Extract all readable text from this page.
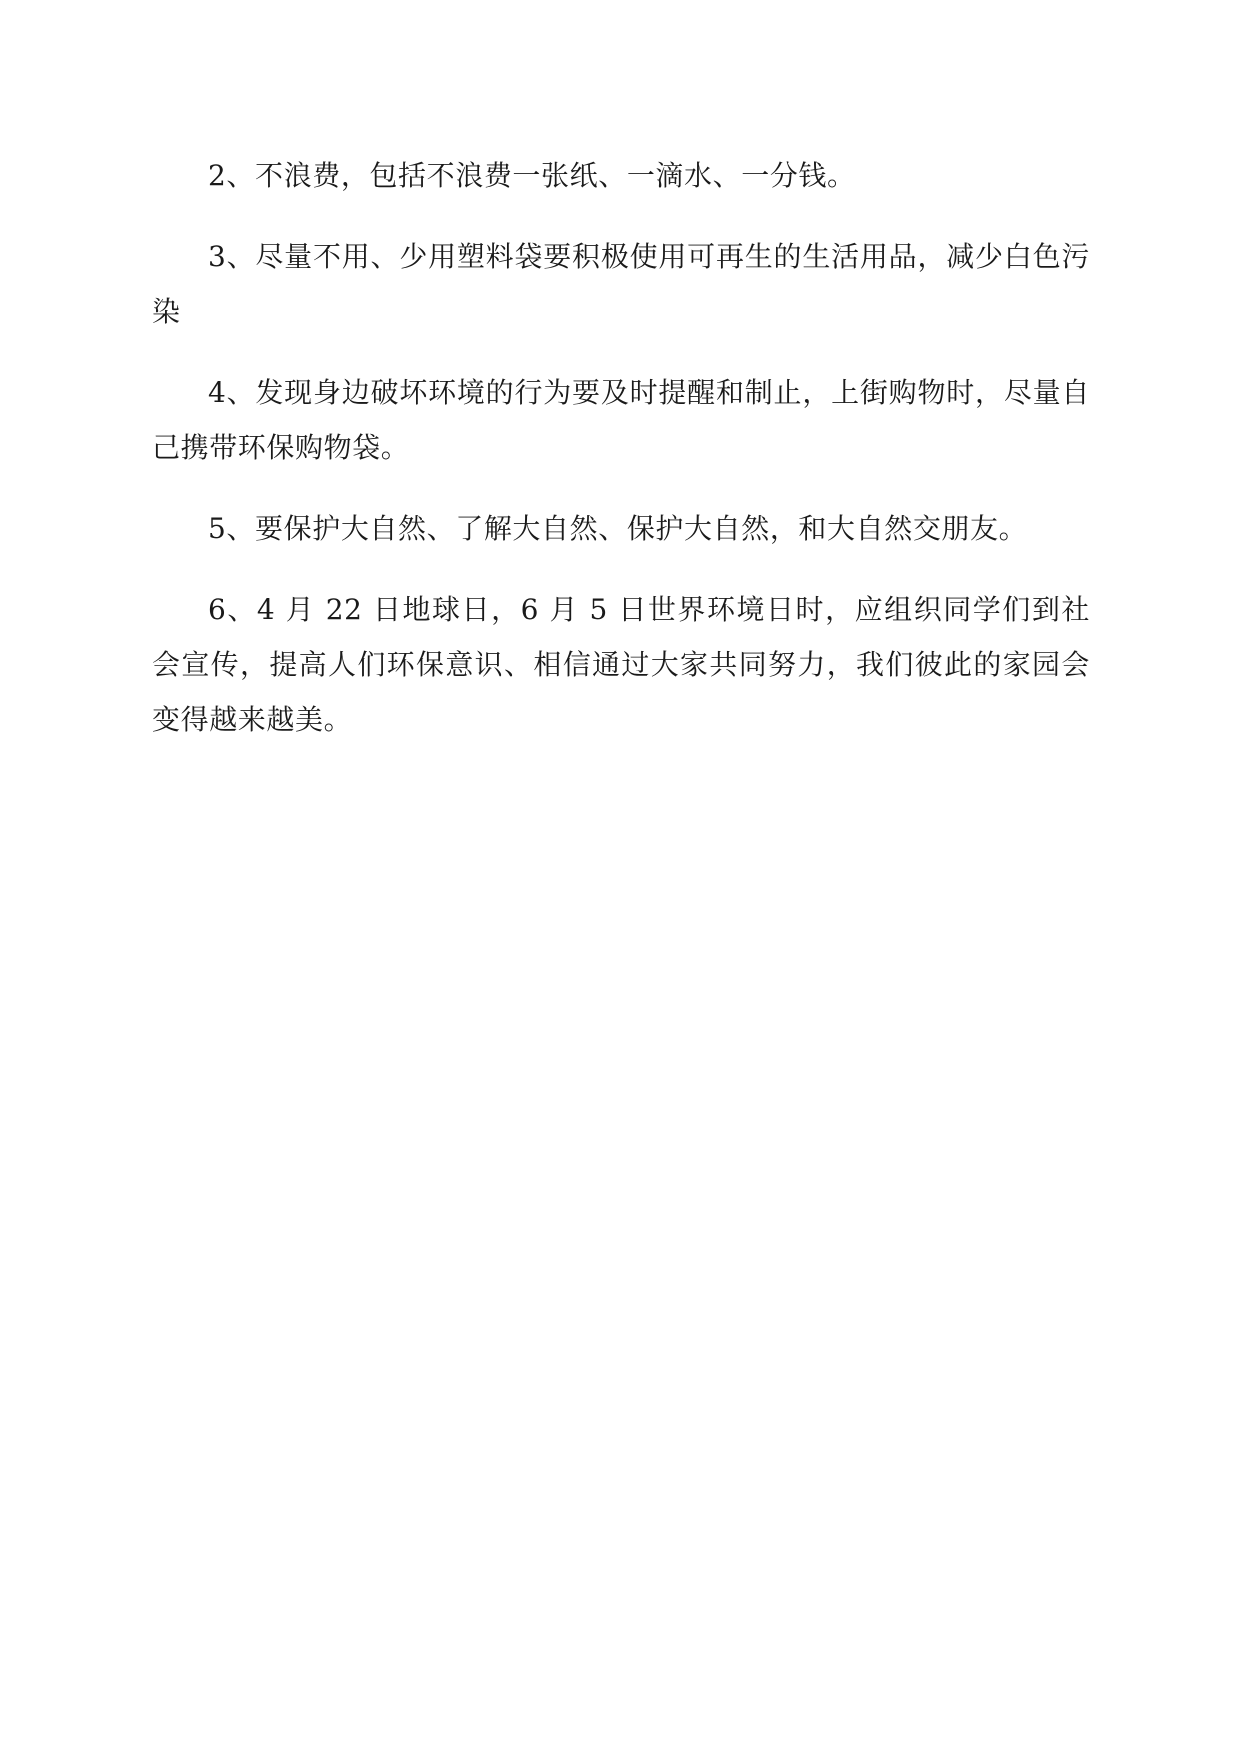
2、不浪费，包括不浪费一张纸、一滴水、一分钱。

3、尽量不用、少用塑料袋要积极使用可再生的生活用品，减少白色污染

4、发现身边破坏环境的行为要及时提醒和制止，上街购物时，尽量自己携带环保购物袋。

5、要保护大自然、了解大自然、保护大自然，和大自然交朋友。

6、4 月 22 日地球日，6 月 5 日世界环境日时，应组织同学们到社会宣传，提高人们环保意识、相信通过大家共同努力，我们彼此的家园会变得越来越美。
